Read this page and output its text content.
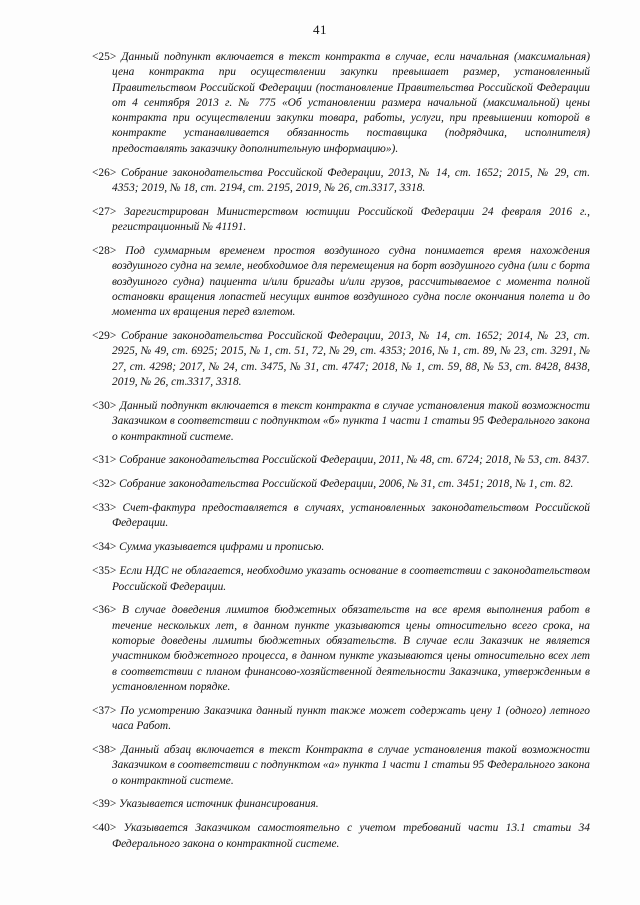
41

<25> Данный подпункт включается в текст контракта в случае, если начальная (максимальная) цена контракта при осуществлении закупки превышает размер, установленный Правительством Российской Федерации (постановление Правительства Российской Федерации от 4 сентября 2013 г. № 775 «Об установлении размера начальной (максимальной) цены контракта при осуществлении закупки товара, работы, услуги, при превышении которой в контракте устанавливается обязанность поставщика (подрядчика, исполнителя) предоставлять заказчику дополнительную информацию»).

<26> Собрание законодательства Российской Федерации, 2013, № 14, ст. 1652; 2015, № 29, ст. 4353; 2019, № 18, ст. 2194, ст. 2195, 2019, № 26, ст.3317, 3318.

<27> Зарегистрирован Министерством юстиции Российской Федерации 24 февраля 2016 г., регистрационный № 41191.

<28> Под суммарным временем простоя воздушного судна понимается время нахождения воздушного судна на земле, необходимое для перемещения на борт воздушного судна (или с борта воздушного судна) пациента и/или бригады и/или грузов, рассчитываемое с момента полной остановки вращения лопастей несущих винтов воздушного судна после окончания полета и до момента их вращения перед взлетом.

<29> Собрание законодательства Российской Федерации, 2013, № 14, ст. 1652; 2014, № 23, ст. 2925, № 49, ст. 6925; 2015, № 1, ст. 51, 72, № 29, ст. 4353; 2016, № 1, ст. 89, № 23, ст. 3291, № 27, ст. 4298; 2017, № 24, ст. 3475, № 31, ст. 4747; 2018, № 1, ст. 59, 88, № 53, ст. 8428, 8438, 2019, № 26, ст.3317, 3318.

<30> Данный подпункт включается в текст контракта в случае установления такой возможности Заказчиком в соответствии с подпунктом «б» пункта 1 части 1 статьи 95 Федерального закона о контрактной системе.

<31> Собрание законодательства Российской Федерации, 2011, № 48, ст. 6724; 2018, № 53, ст. 8437.

<32> Собрание законодательства Российской Федерации, 2006, № 31, ст. 3451; 2018, № 1, ст. 82.

<33> Счет-фактура предоставляется в случаях, установленных законодательством Российской Федерации.

<34> Сумма указывается цифрами и прописью.

<35> Если НДС не облагается, необходимо указать основание в соответствии с законодательством Российской Федерации.

<36> В случае доведения лимитов бюджетных обязательств на все время выполнения работ в течение нескольких лет, в данном пункте указываются цены относительно всего срока, на которые доведены лимиты бюджетных обязательств. В случае если Заказчик не является участником бюджетного процесса, в данном пункте указываются цены относительно всех лет в соответствии с планом финансово-хозяйственной деятельности Заказчика, утвержденным в установленном порядке.

<37> По усмотрению Заказчика данный пункт также может содержать цену 1 (одного) летного часа Работ.

<38> Данный абзац включается в текст Контракта в случае установления такой возможности Заказчиком в соответствии с подпунктом «а» пункта 1 части 1 статьи 95 Федерального закона о контрактной системе.

<39> Указывается источник финансирования.

<40> Указывается Заказчиком самостоятельно с учетом требований части 13.1 статьи 34 Федерального закона о контрактной системе.
